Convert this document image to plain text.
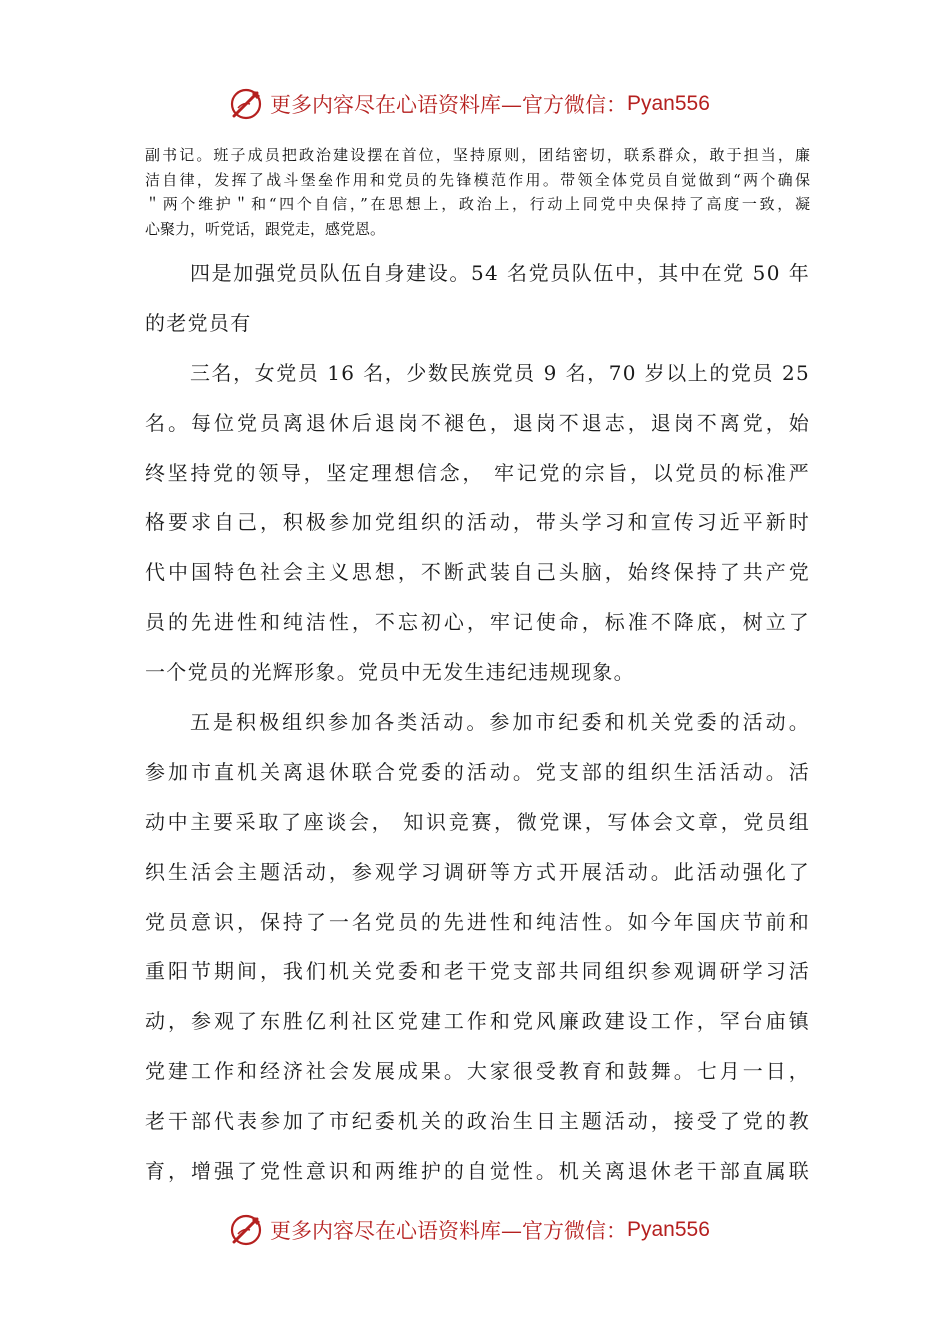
更多内容尽在心语资料库—官方微信： Pyan556
副书记。班子成员把政治建设摆在首位，坚持原则，团结密切，联系群众，敢于担当，廉
洁自律，发挥了战斗堡垒作用和党员的先锋模范作用。带领全体党员自觉做到“两个确保
＂两个维护＂和“四个自信，”在思想上，政治上，行动上同党中央保持了高度一致，凝
心聚力，听党话，跟党走，感党恩。
四是加强党员队伍自身建设。54 名党员队伍中，其中在党 50 年
的老党员有
三名，女党员 16 名，少数民族党员 9 名，70 岁以上的党员 25
名。每位党员离退休后退岗不褪色，退岗不退志，退岗不离党，始
终坚持党的领导，坚定理想信念， 牢记党的宗旨，以党员的标准严
格要求自己，积极参加党组织的活动，带头学习和宣传习近平新时
代中国特色社会主义思想，不断武装自己头脑，始终保持了共产党
员的先进性和纯洁性，不忘初心，牢记使命，标准不降底，树立了
一个党员的光辉形象。党员中无发生违纪违规现象。
五是积极组织参加各类活动。参加市纪委和机关党委的活动。
参加市直机关离退休联合党委的活动。党支部的组织生活活动。活
动中主要采取了座谈会， 知识竞赛，微党课，写体会文章，党员组
织生活会主题活动，参观学习调研等方式开展活动。此活动强化了
党员意识，保持了一名党员的先进性和纯洁性。如今年国庆节前和
重阳节期间，我们机关党委和老干党支部共同组织参观调研学习活
动，参观了东胜亿利社区党建工作和党风廉政建设工作，罕台庙镇
党建工作和经济社会发展成果。大家很受教育和鼓舞。七月一日，
老干部代表参加了市纪委机关的政治生日主题活动，接受了党的教
育，增强了党性意识和两维护的自觉性。机关离退休老干部直属联
更多内容尽在心语资料库—官方微信： Pyan556
